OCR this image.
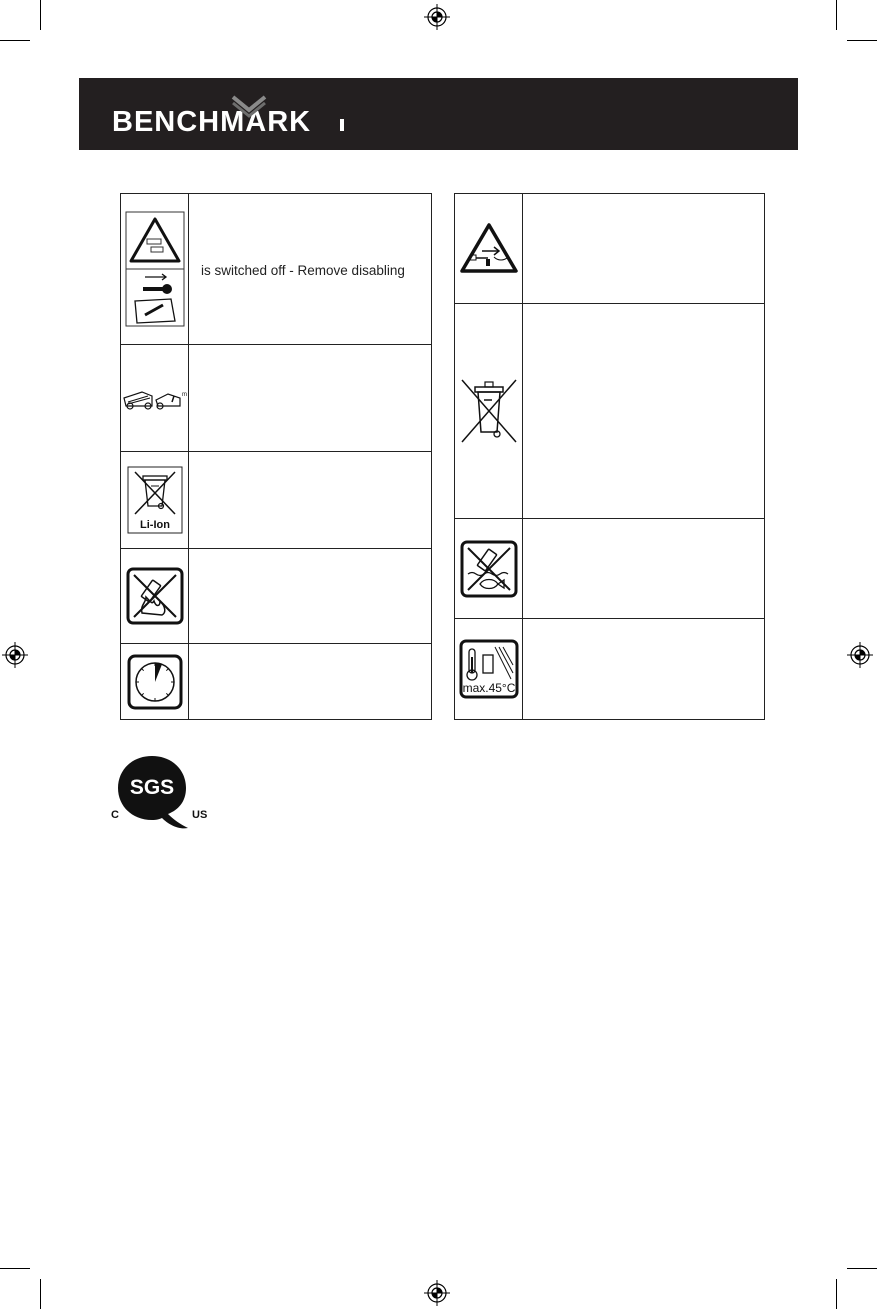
BENCHMARK
is switched off - Remove disabling
m
Li-Ion
max.45°C
SGS
C	US
